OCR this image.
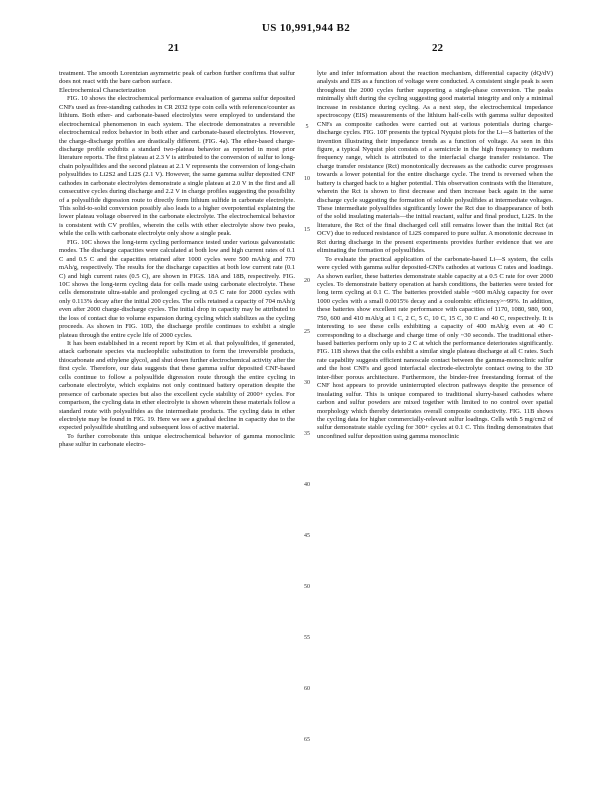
US 10,991,944 B2
21	22

treatment. The smooth Lorentzian asymmetric peak of carbon further confirms that sulfur does not react with the bare carbon surface.

Electrochemical Characterization

FIG. 10 shows the electrochemical performance evaluation of gamma sulfur deposited CNFs used as free-standing cathodes in CR 2032 type coin cells with reference/counter as lithium. Both ether- and carbonate-based electrolytes were employed to understand the electrochemical phenomenon in each system. The electrode demonstrates a reversible electrochemical redox behavior in both ether and carbonate-based electrolytes. However, the charge-discharge profiles are drastically different. (FIG. 4a). The ether-based charge-discharge profile exhibits a standard two-plateau behavior as reported in most prior literature reports. The first plateau at 2.3 V is attributed to the conversion of sulfur to long-chain polysulfides and the second plateau at 2.1 V represents the conversion of long-chain polysulfides to Li2S2 and Li2S (2.1 V). However, the same gamma sulfur deposited CNF cathodes in carbonate electrolytes demonstrate a single plateau at 2.0 V in the first and all consecutive cycles during discharge and 2.2 V in charge profiles suggesting the possibility of a polysulfide digression route to directly form lithium sulfide in carbonate electrolyte. This solid-to-solid conversion possibly also leads to a higher overpotential explaining the lower plateau voltage observed in the carbonate electrolyte. The electrochemical behavior is consistent with CV profiles, wherein the cells with ether electrolyte show two peaks, while the cells with carbonate electrolyte only show a single peak.

FIG. 10C shows the long-term cycling performance tested under various galvanostatic modes. The discharge capacities were calculated at both low and high current rates of 0.1 C and 0.5 C and the capacities retained after 1000 cycles were 500 mAh/g and 770 mAh/g, respectively. The results for the discharge capacities at both low current rate (0.1 C) and high current rates (0.5 C), are shown in FIGS. 18A and 18B, respectively. FIG. 10C shows the long-term cycling data for cells made using carbonate electrolyte. These cells demonstrate ultra-stable and prolonged cycling at 0.5 C rate for 2000 cycles with only 0.113% decay after the initial 200 cycles. The cells retained a capacity of 704 mAh/g even after 2000 charge-discharge cycles. The initial drop in capacity may be attributed to the loss of contact due to volume expansion during cycling which stabilizes as the cycling proceeds. As shown in FIG. 10D, the discharge profile continues to exhibit a single plateau through the entire cycle life of 2000 cycles.

It has been established in a recent report by Kim et al. that polysulfides, if generated, attack carbonate species via nucleophilic substitution to form the irreversible products, thiocarbonate and ethylene glycol, and shut down further electrochemical activity after the first cycle. Therefore, our data suggests that these gamma sulfur deposited CNF-based cells continue to follow a polysulfide digression route through the entire cycling in carbonate electrolyte, which explains not only continued battery operation despite the presence of carbonate species but also the excellent cycle stability of 2000+ cycles. For comparison, the cycling data in ether electrolyte is shown wherein these materials follow a standard route with polysulfides as the intermediate products. The cycling data in ether electrolyte may be found in FIG. 19. Here we see a gradual decline in capacity due to the expected polysulfide shuttling and subsequent loss of active material.

To further corroborate this unique electrochemical behavior of gamma monoclinic phase sulfur in carbonate electro-

5
10
15
20
25
30
35
40
45
50
55
60
65

lyte and infer information about the reaction mechanism, differential capacity (dQ/dV) analysis and EIS as a function of voltage were conducted. A consistent single peak is seen throughout the 2000 cycles further supporting a single-phase conversion. The peaks minimally shift during the cycling suggesting good material integrity and only a minimal increase in resistance during cycling. As a next step, the electrochemical impedance spectroscopy (EIS) measurements of the lithium half-cells with gamma sulfur deposited CNFs as composite cathodes were carried out at various potentials during charge-discharge cycles. FIG. 10F presents the typical Nyquist plots for the Li—S batteries of the invention illustrating their impedance trends as a function of voltage. As seen in this figure, a typical Nyquist plot consists of a semicircle in the high frequency to medium frequency range, which is attributed to the interfacial charge transfer resistance. The charge transfer resistance (Rct) monotonically decreases as the cathodic curve progresses towards a lower potential for the entire discharge cycle. The trend is reversed when the battery is charged back to a higher potential. This observation contrasts with the literature, wherein the Rct is shown to first decrease and then increase back again in the same discharge cycle suggesting the formation of soluble polysulfides at intermediate voltages. These intermediate polysulfides significantly lower the Rct due to disappearance of both of the solid insulating materials—the initial reactant, sulfur and final product, Li2S. In the literature, the Rct of the final discharged cell still remains lower than the initial Rct (at OCV) due to reduced resistance of Li2S compared to pure sulfur. A monotonic decrease in Rct during discharge in the present experiments provides further evidence that we are eliminating the formation of polysulfides.

To evaluate the practical application of the carbonate-based Li—S system, the cells were cycled with gamma sulfur deposited-CNFs cathodes at various C rates and loadings. As shown earlier, these batteries demonstrate stable capacity at a 0.5 C rate for over 2000 cycles. To demonstrate battery operation at harsh conditions, the batteries were tested for long term cycling at 0.1 C. The batteries provided stable ~600 mAh/g capacity for over 1000 cycles with a small 0.0015% decay and a coulombic efficiency>~99%. In addition, these batteries show excellent rate performance with capacities of 1170, 1080, 980, 900, 750, 600 and 410 mAh/g at 1 C, 2 C, 5 C, 10 C, 15 C, 30 C and 40 C, respectively. It is interesting to see these cells exhibiting a capacity of 400 mAh/g even at 40 C corresponding to a discharge and charge time of only ~30 seconds. The traditional ether-based batteries perform only up to 2 C at which the performance deteriorates significantly. FIG. 11B shows that the cells exhibit a similar single plateau discharge at all C rates. Such rate capability suggests efficient nanoscale contact between the gamma-monoclinic sulfur and the host CNFs and good interfacial electrode-electrolyte contact owing to the 3D inter-fiber porous architecture. Furthermore, the binder-free freestanding format of the CNF host appears to provide uninterrupted electron pathways despite the presence of insulating sulfur. This is unique compared to traditional slurry-based cathodes where carbon and sulfur powders are mixed together with limited to no control over spatial morphology which thereby deteriorates overall composite conductivity. FIG. 11B shows the cycling data for higher commercially-relevant sulfur loadings. Cells with 5 mg/cm2 of sulfur demonstrate stable cycling for 300+ cycles at 0.1 C. This finding demonstrates that unconfined sulfur deposition using gamma monoclinic
